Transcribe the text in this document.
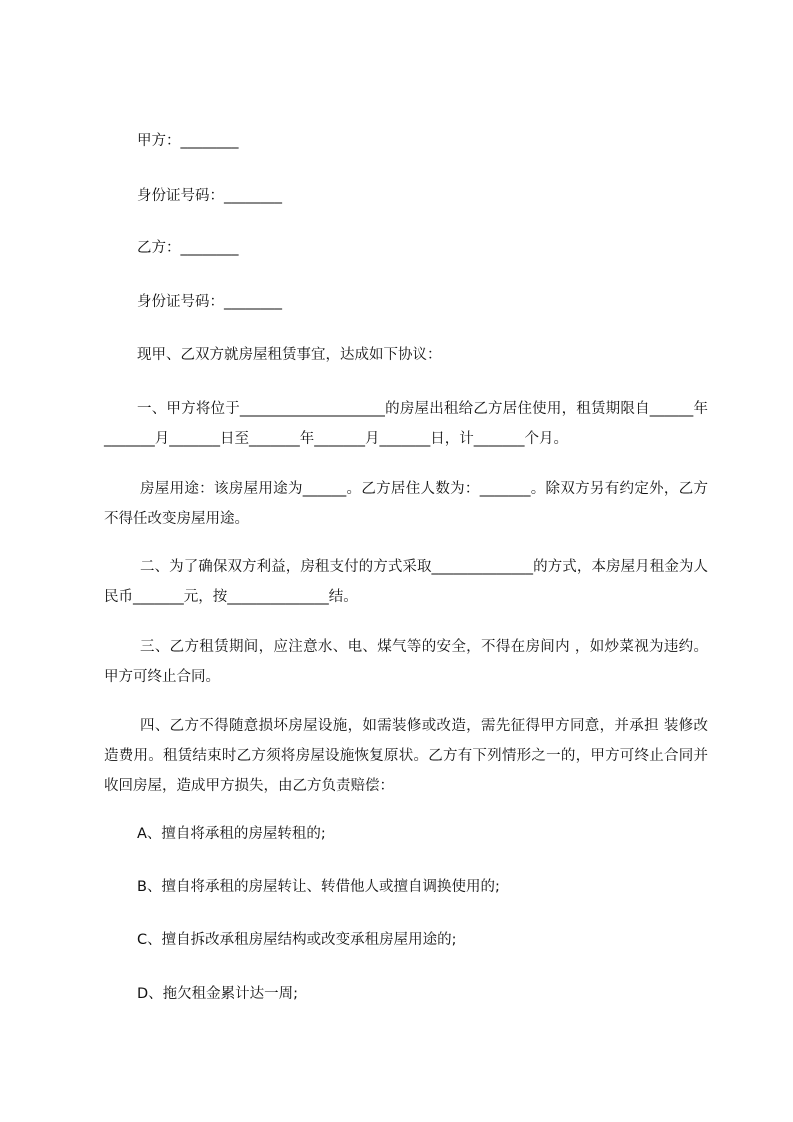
甲方：________
身份证号码：________
乙方：________
身份证号码：________
现甲、乙双方就房屋租赁事宜，达成如下协议：
一、甲方将位于____________________的房屋出租给乙方居住使用，租赁期限自______年_______月_______日至_______年_______月_______日，计_______个月。
房屋用途：该房屋用途为______。乙方居住人数为：_______。除双方另有约定外，乙方不得任改变房屋用途。
二、为了确保双方利益，房租支付的方式采取______________的方式，本房屋月租金为人民币_______元，按______________结。
三、乙方租赁期间，应注意水、电、煤气等的安全，不得在房间内 ，如炒菜视为违约。甲方可终止合同。
四、乙方不得随意损坏房屋设施，如需装修或改造，需先征得甲方同意，并承担 装修改造费用。租赁结束时乙方须将房屋设施恢复原状。乙方有下列情形之一的，甲方可终止合同并收回房屋，造成甲方损失，由乙方负责赔偿：
A、擅自将承租的房屋转租的;
B、擅自将承租的房屋转让、转借他人或擅自调换使用的;
C、擅自拆改承租房屋结构或改变承租房屋用途的;
D、拖欠租金累计达一周;
